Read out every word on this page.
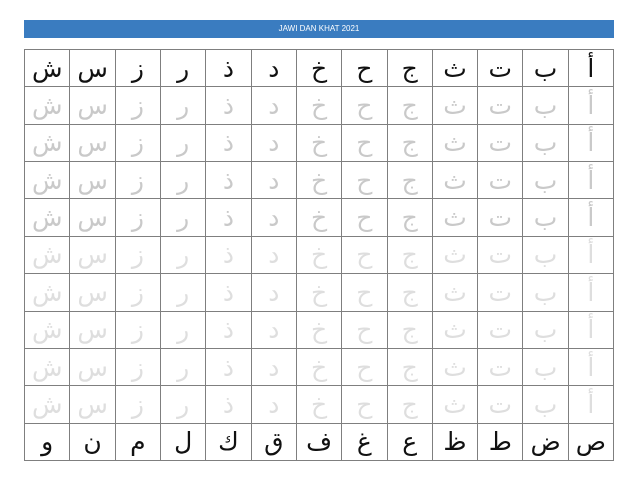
JAWI DAN KHAT 2021
أ	ب	ت	ث	ج	ح	خ	د	ذ	ر	ز	س	ش
أ	ب	ت	ث	ج	ح	خ	د	ذ	ر	ز	س	ش
أ	ب	ت	ث	ج	ح	خ	د	ذ	ر	ز	س	ش
أ	ب	ت	ث	ج	ح	خ	د	ذ	ر	ز	س	ش
أ	ب	ت	ث	ج	ح	خ	د	ذ	ر	ز	س	ش
أ	ب	ت	ث	ج	ح	خ	د	ذ	ر	ز	س	ش
أ	ب	ت	ث	ج	ح	خ	د	ذ	ر	ز	س	ش
أ	ب	ت	ث	ج	ح	خ	د	ذ	ر	ز	س	ش
أ	ب	ت	ث	ج	ح	خ	د	ذ	ر	ز	س	ش
أ	ب	ت	ث	ج	ح	خ	د	ذ	ر	ز	س	ش
ص	ض	ط	ظ	ع	غ	ف	ق	ك	ل	م	ن	و
